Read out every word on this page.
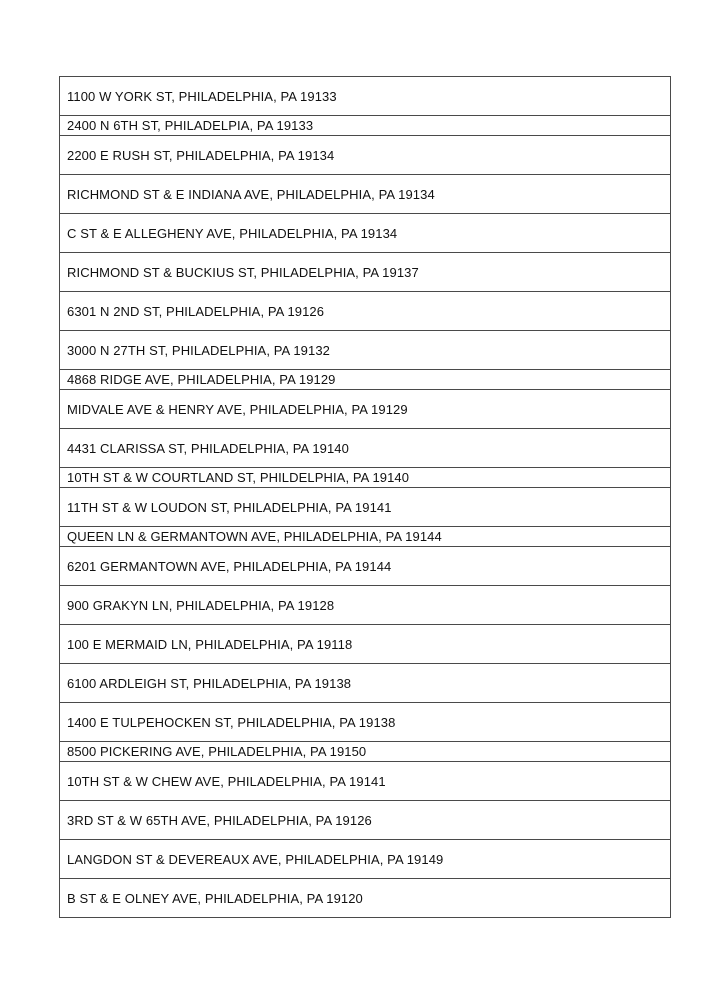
1100 W YORK ST, PHILADELPHIA, PA 19133
2400 N 6TH ST, PHILADELPIA, PA 19133
2200 E RUSH ST, PHILADELPHIA, PA 19134
RICHMOND ST & E INDIANA AVE, PHILADELPHIA, PA 19134
C ST & E ALLEGHENY AVE, PHILADELPHIA, PA 19134
RICHMOND ST & BUCKIUS ST, PHILADELPHIA, PA 19137
6301 N 2ND ST, PHILADELPHIA, PA 19126
3000 N 27TH ST, PHILADELPHIA, PA 19132
4868 RIDGE AVE, PHILADELPHIA, PA 19129
MIDVALE AVE & HENRY AVE, PHILADELPHIA, PA 19129
4431 CLARISSA ST, PHILADELPHIA, PA 19140
10TH ST & W COURTLAND ST, PHILDELPHIA, PA 19140
11TH ST & W LOUDON ST, PHILADELPHIA, PA 19141
QUEEN LN & GERMANTOWN AVE, PHILADELPHIA, PA 19144
6201 GERMANTOWN AVE, PHILADELPHIA, PA 19144
900 GRAKYN LN, PHILADELPHIA, PA 19128
100 E MERMAID LN, PHILADELPHIA, PA 19118
6100 ARDLEIGH ST, PHILADELPHIA, PA 19138
1400 E TULPEHOCKEN ST, PHILADELPHIA, PA 19138
8500 PICKERING AVE, PHILADELPHIA, PA 19150
10TH ST & W CHEW AVE, PHILADELPHIA, PA 19141
3RD ST & W 65TH AVE, PHILADELPHIA, PA 19126
LANGDON ST & DEVEREAUX AVE, PHILADELPHIA, PA 19149
B ST & E OLNEY AVE, PHILADELPHIA, PA 19120
